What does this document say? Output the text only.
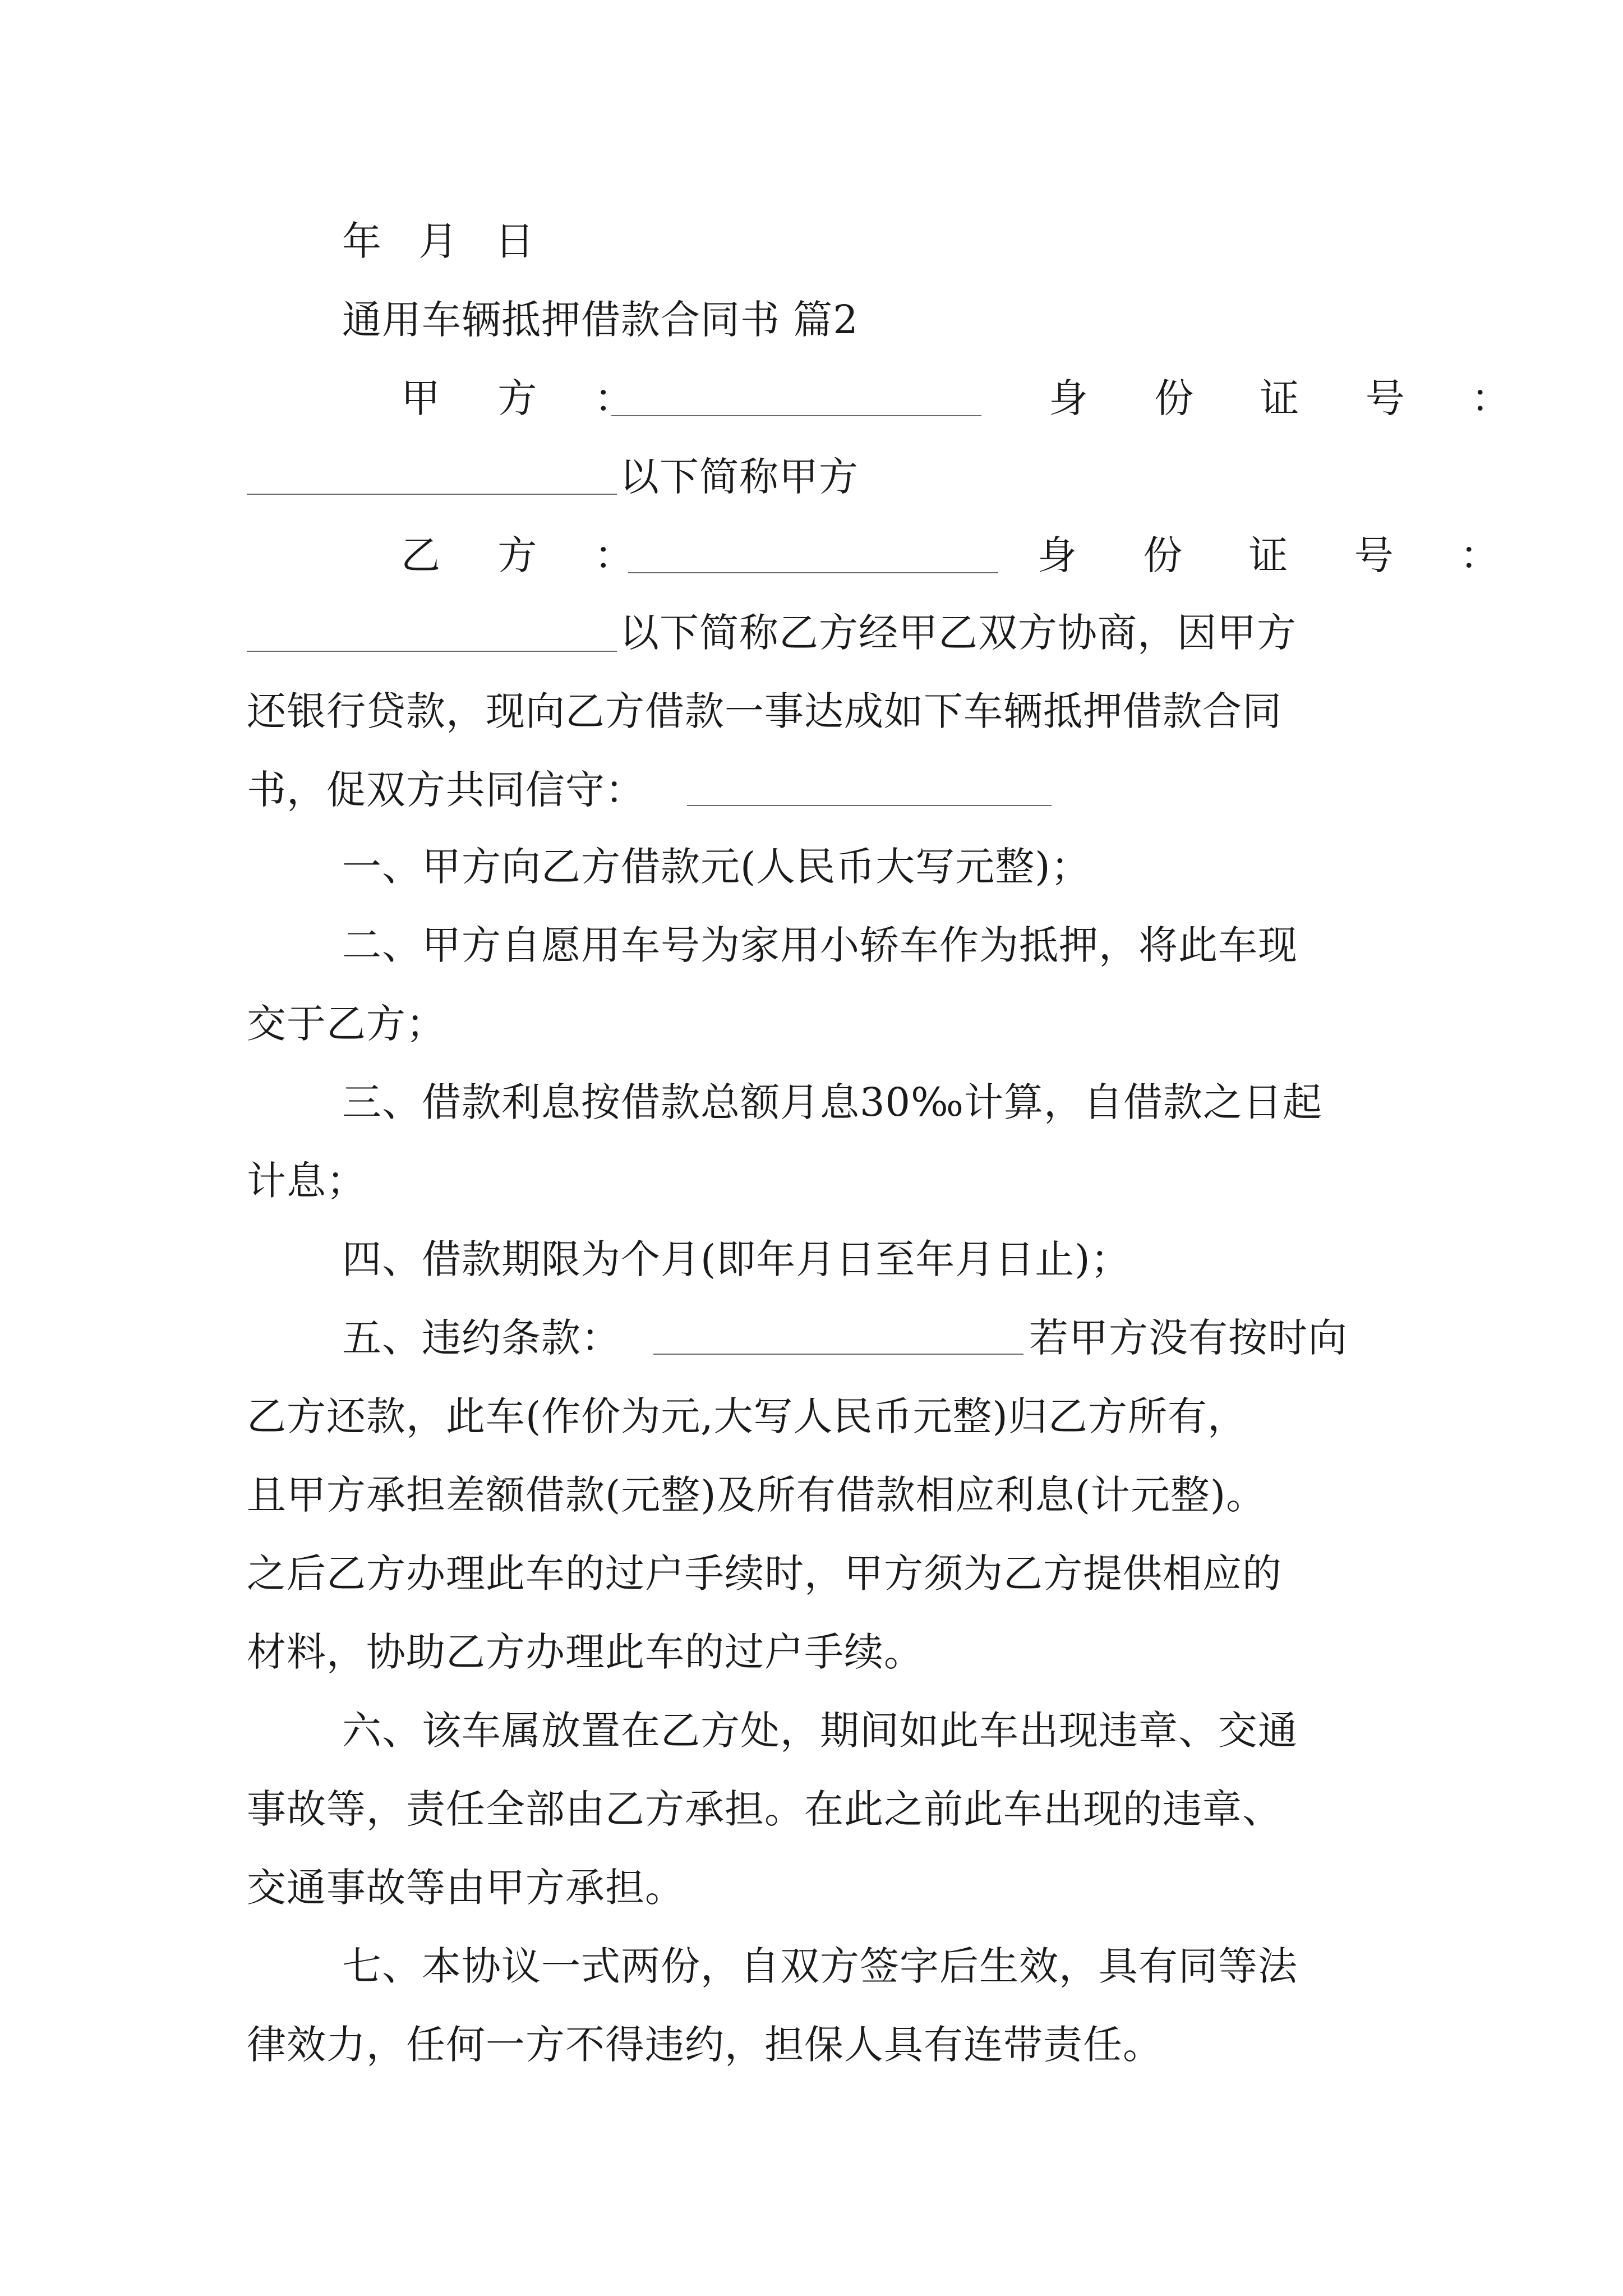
年 月 日
通用车辆抵押借款合同书 篇2
甲 方 ：	身 份 证 号 ：
以下简称甲方
乙 方 ：	身 份 证 号 ：
以下简称乙方经甲乙双方协商，因甲方
还银行贷款，现向乙方借款一事达成如下车辆抵押借款合同
书，促双方共同信守：
一、甲方向乙方借款元(人民币大写元整)；
二、甲方自愿用车号为家用小轿车作为抵押，将此车现
交于乙方；
三、借款利息按借款总额月息30‰计算，自借款之日起
计息；
四、借款期限为个月(即年月日至年月日止)；
五、违约条款：	若甲方没有按时向
乙方还款，此车(作价为元,大写人民币元整)归乙方所有，
且甲方承担差额借款(元整)及所有借款相应利息(计元整)。
之后乙方办理此车的过户手续时，甲方须为乙方提供相应的
材料，协助乙方办理此车的过户手续。
六、该车属放置在乙方处，期间如此车出现违章、交通
事故等，责任全部由乙方承担。在此之前此车出现的违章、
交通事故等由甲方承担。
七、本协议一式两份，自双方签字后生效，具有同等法
律效力，任何一方不得违约，担保人具有连带责任。
